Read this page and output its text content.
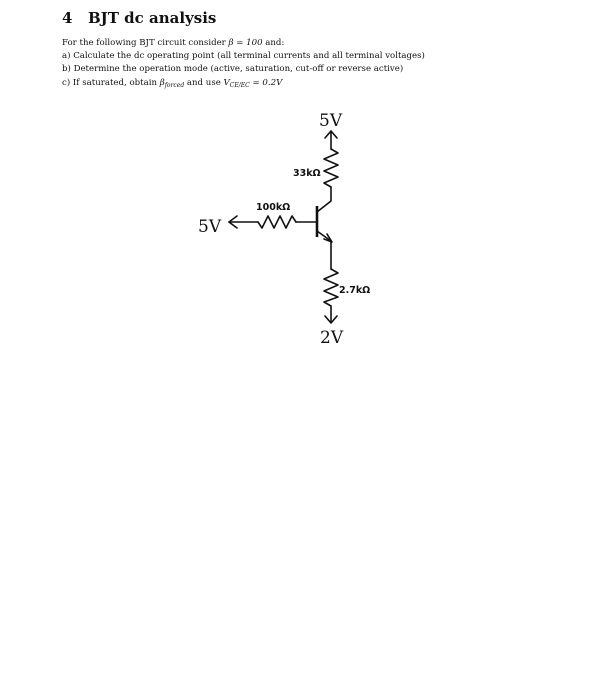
4 BJT dc analysis
For the following BJT circuit consider β = 100 and:
a) Calculate the dc operating point (all terminal currents and all terminal voltages)
b) Determine the operation mode (active, saturation, cut-off or reverse active)
c) If saturated, obtain $\beta_{forced}$ and use $V_{CE/EC} = 0.2V$
5V
5V
2V
33kΩ
100kΩ
2.7kΩ
